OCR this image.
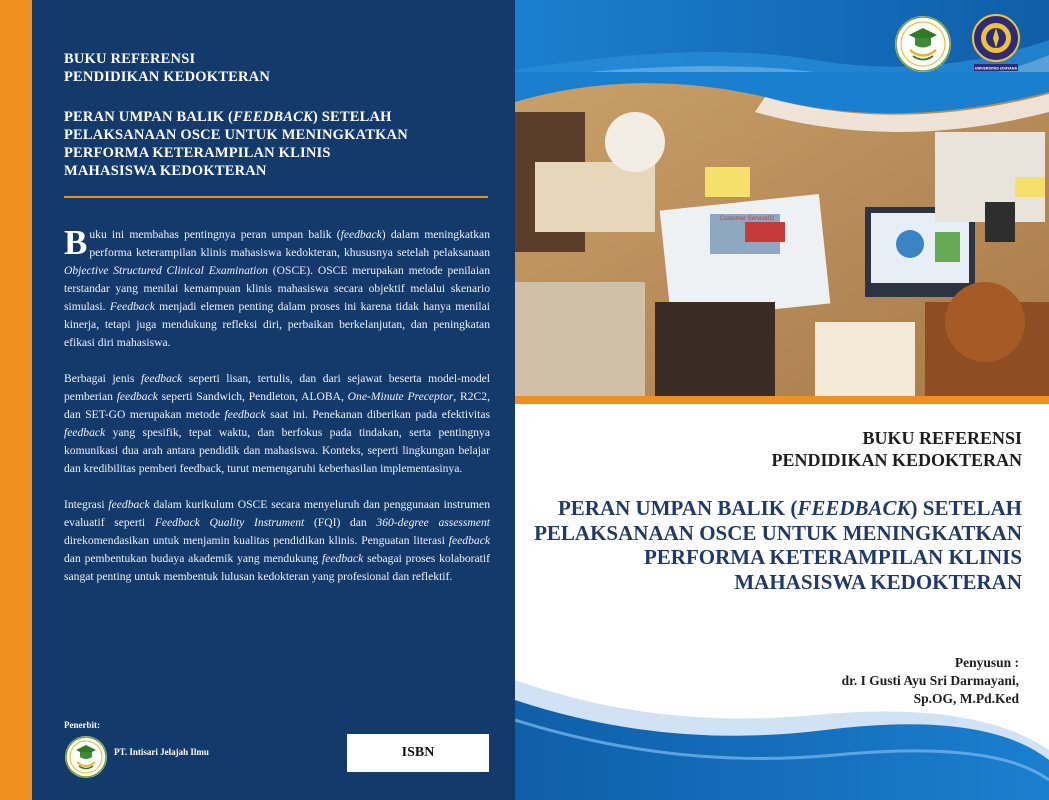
BUKU REFERENSI
PENDIDIKAN KEDOKTERAN
PERAN UMPAN BALIK (FEEDBACK) SETELAH
PELAKSANAAN OSCE UNTUK MENINGKATKAN
PERFORMA KETERAMPILAN KLINIS
MAHASISWA KEDOKTERAN

Buku ini membahas pentingnya peran umpan balik (feedback) dalam meningkatkan performa keterampilan klinis mahasiswa kedokteran, khususnya setelah pelaksanaan Objective Structured Clinical Examination (OSCE). OSCE merupakan metode penilaian terstandar yang menilai kemampuan klinis mahasiswa secara objektif melalui skenario simulasi. Feedback menjadi elemen penting dalam proses ini karena tidak hanya menilai kinerja, tetapi juga mendukung refleksi diri, perbaikan berkelanjutan, dan peningkatan efikasi diri mahasiswa.

Berbagai jenis feedback seperti lisan, tertulis, dan dari sejawat beserta model-model pemberian feedback seperti Sandwich, Pendleton, ALOBA, One-Minute Preceptor, R2C2, dan SET-GO merupakan metode feedback saat ini. Penekanan diberikan pada efektivitas feedback yang spesifik, tepat waktu, dan berfokus pada tindakan, serta pentingnya komunikasi dua arah antara pendidik dan mahasiswa. Konteks, seperti lingkungan belajar dan kredibilitas pemberi feedback, turut memengaruhi keberhasilan implementasinya.

Integrasi feedback dalam kurikulum OSCE secara menyeluruh dan penggunaan instrumen evaluatif seperti Feedback Quality Instrument (FQI) dan 360-degree assessment direkomendasikan untuk menjamin kualitas pendidikan klinis. Penguatan literasi feedback dan pembentukan budaya akademik yang mendukung feedback sebagai proses kolaboratif sangat penting untuk membentuk lulusan kedokteran yang profesional dan reflektif.

Penerbit:
PT. Intisari Jelajah Ilmu	ISBN
Customer Service02
UNIVERSITAS UDAYANA
BUKU REFERENSI
PENDIDIKAN KEDOKTERAN
PERAN UMPAN BALIK (FEEDBACK) SETELAH
PELAKSANAAN OSCE UNTUK MENINGKATKAN
PERFORMA KETERAMPILAN KLINIS
MAHASISWA KEDOKTERAN
Penyusun :
dr. I Gusti Ayu Sri Darmayani,
Sp.OG, M.Pd.Ked
